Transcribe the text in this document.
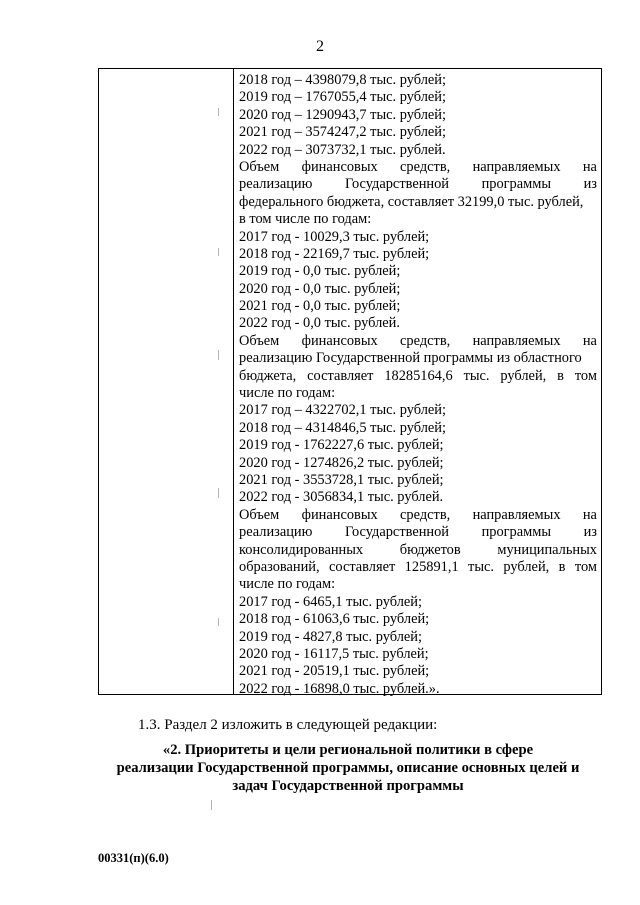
2
2018 год – 4398079,8 тыс. рублей;
2019 год – 1767055,4 тыс. рублей;
2020 год – 1290943,7 тыс. рублей;
2021 год – 3574247,2 тыс. рублей;
2022 год – 3073732,1 тыс. рублей.
Объем финансовых средств, направляемых на
реализацию Государственной программы из
федерального бюджета, составляет 32199,0 тыс. рублей,
в том числе по годам:
2017 год - 10029,3 тыс. рублей;
2018 год - 22169,7 тыс. рублей;
2019 год - 0,0 тыс. рублей;
2020 год - 0,0 тыс. рублей;
2021 год - 0,0 тыс. рублей;
2022 год - 0,0 тыс. рублей.
Объем финансовых средств, направляемых на
реализацию Государственной программы из областного
бюджета, составляет 18285164,6 тыс. рублей, в том
числе по годам:
2017 год – 4322702,1 тыс. рублей;
2018 год – 4314846,5 тыс. рублей;
2019 год - 1762227,6 тыс. рублей;
2020 год - 1274826,2 тыс. рублей;
2021 год - 3553728,1 тыс. рублей;
2022 год - 3056834,1 тыс. рублей.
Объем финансовых средств, направляемых на
реализацию Государственной программы из
консолидированных	бюджетов	муниципальных
образований, составляет 125891,1 тыс. рублей, в том
числе по годам:
2017 год - 6465,1 тыс. рублей;
2018 год - 61063,6 тыс. рублей;
2019 год - 4827,8 тыс. рублей;
2020 год - 16117,5 тыс. рублей;
2021 год - 20519,1 тыс. рублей;
2022 год - 16898,0 тыс. рублей.».
1.3. Раздел 2 изложить в следующей редакции:
«2. Приоритеты и цели региональной политики в сфере
реализации Государственной программы, описание основных целей и
задач Государственной программы
00331(п)(6.0)
